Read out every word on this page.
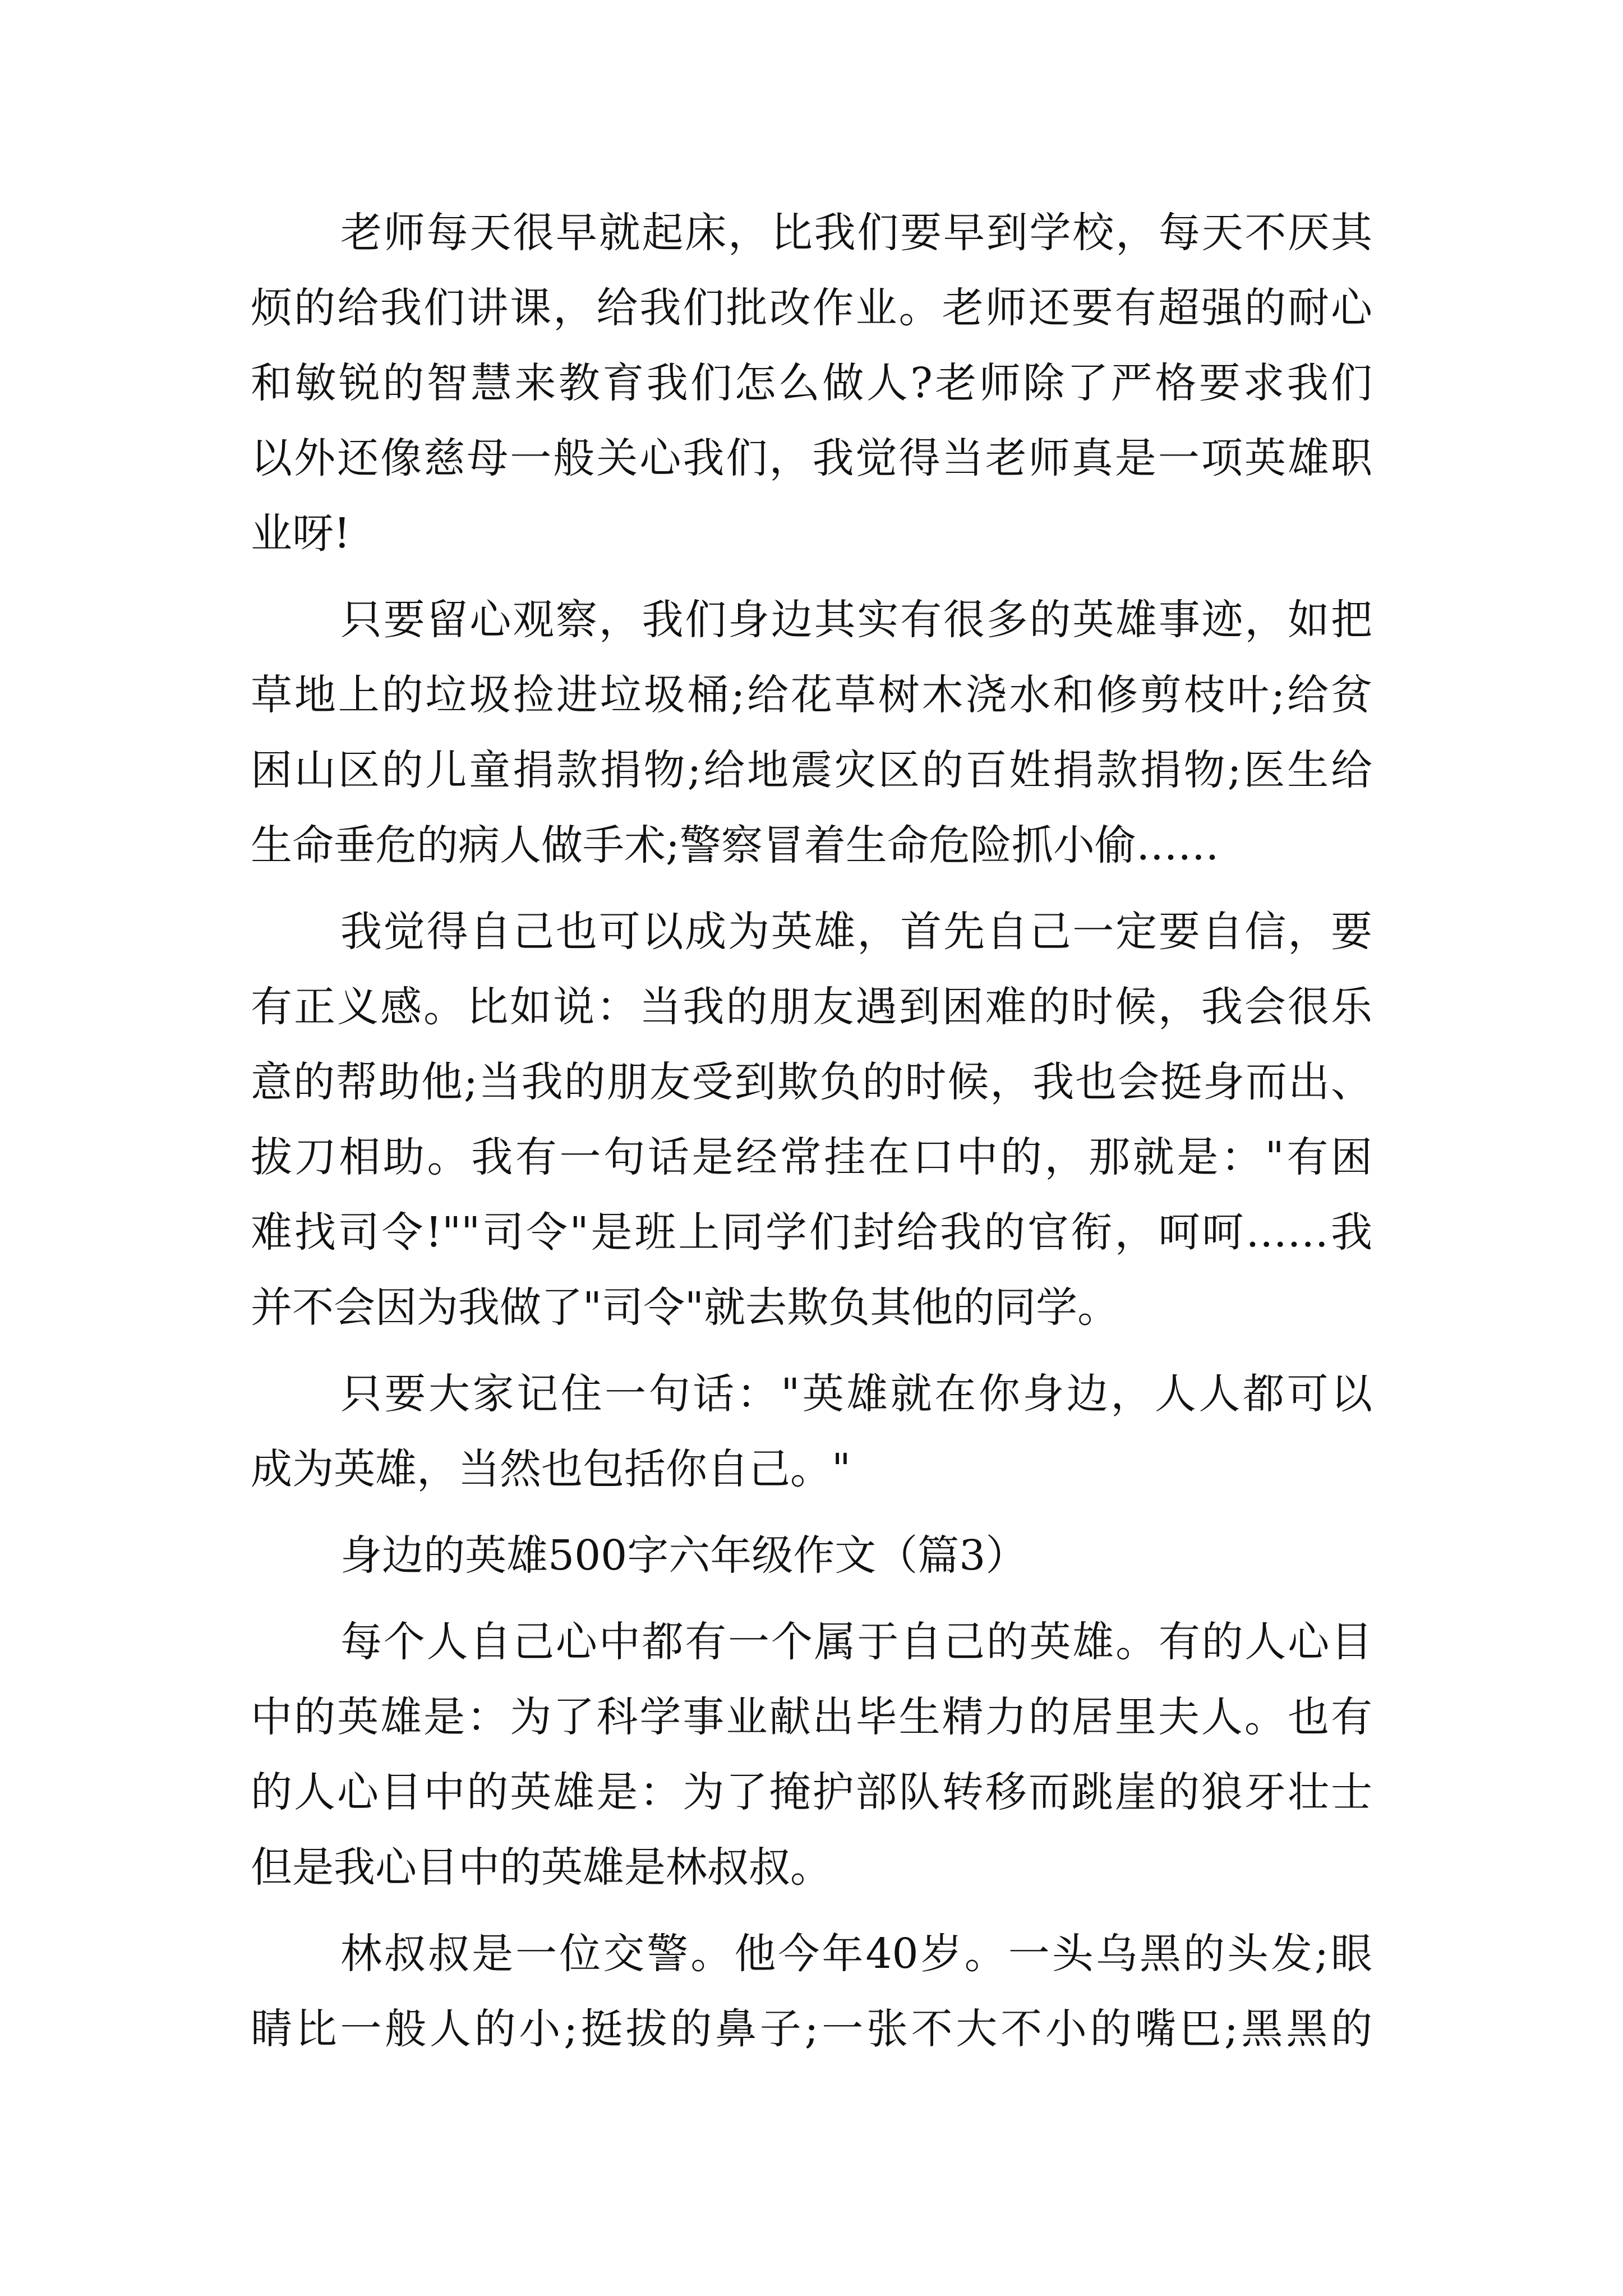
老师每天很早就起床，比我们要早到学校，每天不厌其
烦的给我们讲课，给我们批改作业。老师还要有超强的耐心
和敏锐的智慧来教育我们怎么做人?老师除了严格要求我们
以外还像慈母一般关心我们，我觉得当老师真是一项英雄职
业呀!
只要留心观察，我们身边其实有很多的英雄事迹，如把
草地上的垃圾捡进垃圾桶;给花草树木浇水和修剪枝叶;给贫
困山区的儿童捐款捐物;给地震灾区的百姓捐款捐物;医生给
生命垂危的病人做手术;警察冒着生命危险抓小偷……
我觉得自己也可以成为英雄，首先自己一定要自信，要
有正义感。比如说：当我的朋友遇到困难的时候，我会很乐
意的帮助他;当我的朋友受到欺负的时候，我也会挺身而出、
拔刀相助。我有一句话是经常挂在口中的，那就是："有困
难找司令!""司令"是班上同学们封给我的官衔，呵呵……我
并不会因为我做了"司令"就去欺负其他的同学。
只要大家记住一句话："英雄就在你身边，人人都可以
成为英雄，当然也包括你自己。"
身边的英雄500字六年级作文（篇3）
每个人自己心中都有一个属于自己的英雄。有的人心目
中的英雄是：为了科学事业献出毕生精力的居里夫人。也有
的人心目中的英雄是：为了掩护部队转移而跳崖的狼牙壮士
但是我心目中的英雄是林叔叔。
林叔叔是一位交警。他今年40岁。一头乌黑的头发;眼
睛比一般人的小;挺拔的鼻子;一张不大不小的嘴巴;黑黑的
